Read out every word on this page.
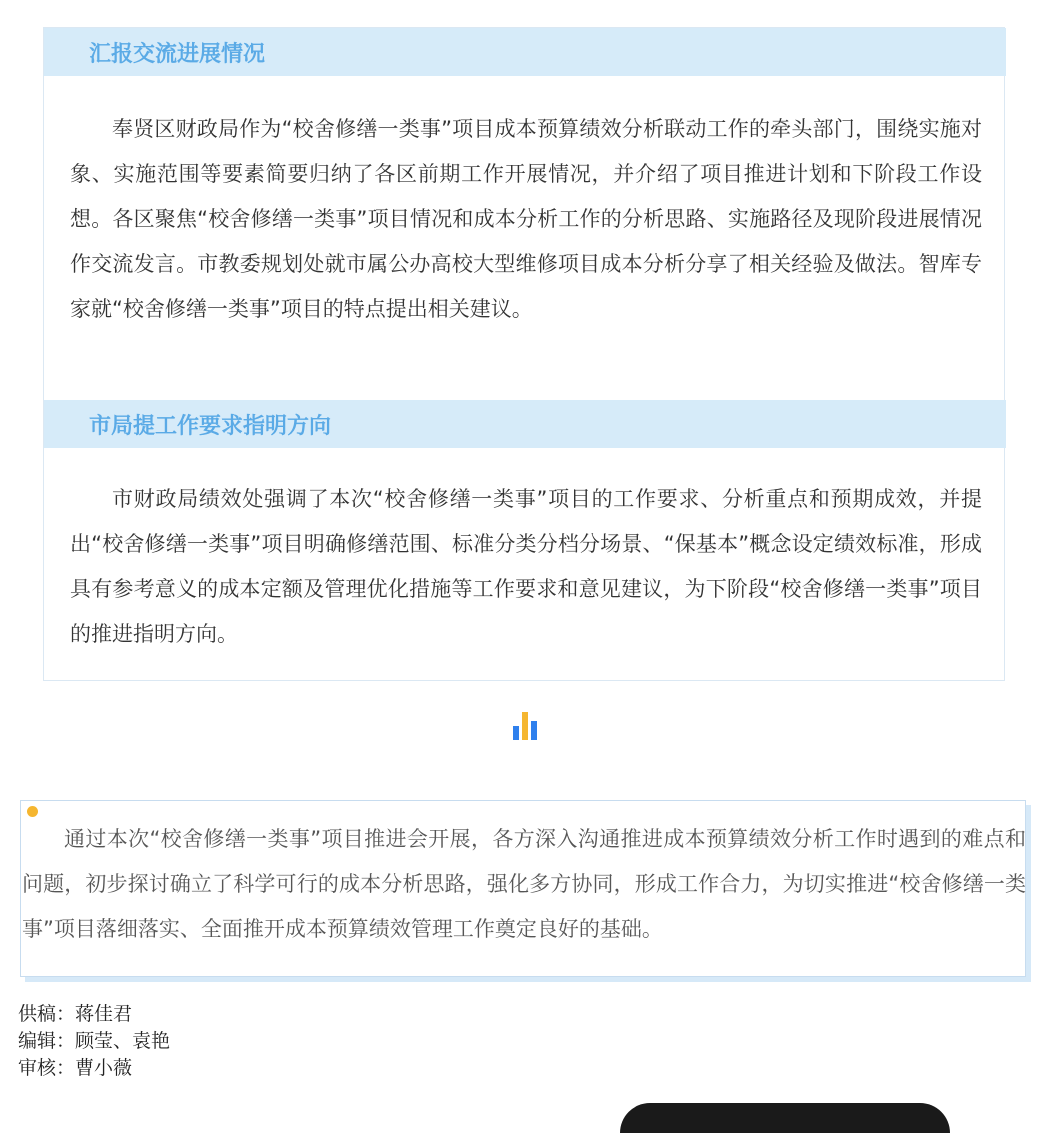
汇报交流进展情况

奉贤区财政局作为“校舍修缮一类事”项目成本预算绩效分析联动工作的牵头部门，围绕实施对象、实施范围等要素简要归纳了各区前期工作开展情况，并介绍了项目推进计划和下阶段工作设想。各区聚焦“校舍修缮一类事”项目情况和成本分析工作的分析思路、实施路径及现阶段进展情况作交流发言。市教委规划处就市属公办高校大型维修项目成本分析分享了相关经验及做法。智库专家就“校舍修缮一类事”项目的特点提出相关建议。

市局提工作要求指明方向

市财政局绩效处强调了本次“校舍修缮一类事”项目的工作要求、分析重点和预期成效，并提出“校舍修缮一类事”项目明确修缮范围、标准分类分档分场景、“保基本”概念设定绩效标准，形成具有参考意义的成本定额及管理优化措施等工作要求和意见建议，为下阶段“校舍修缮一类事”项目的推进指明方向。

通过本次“校舍修缮一类事”项目推进会开展，各方深入沟通推进成本预算绩效分析工作时遇到的难点和问题，初步探讨确立了科学可行的成本分析思路，强化多方协同，形成工作合力，为切实推进“校舍修缮一类事”项目落细落实、全面推开成本预算绩效管理工作奠定良好的基础。

供稿：蒋佳君
编辑：顾莹、袁艳
审核：曹小薇
